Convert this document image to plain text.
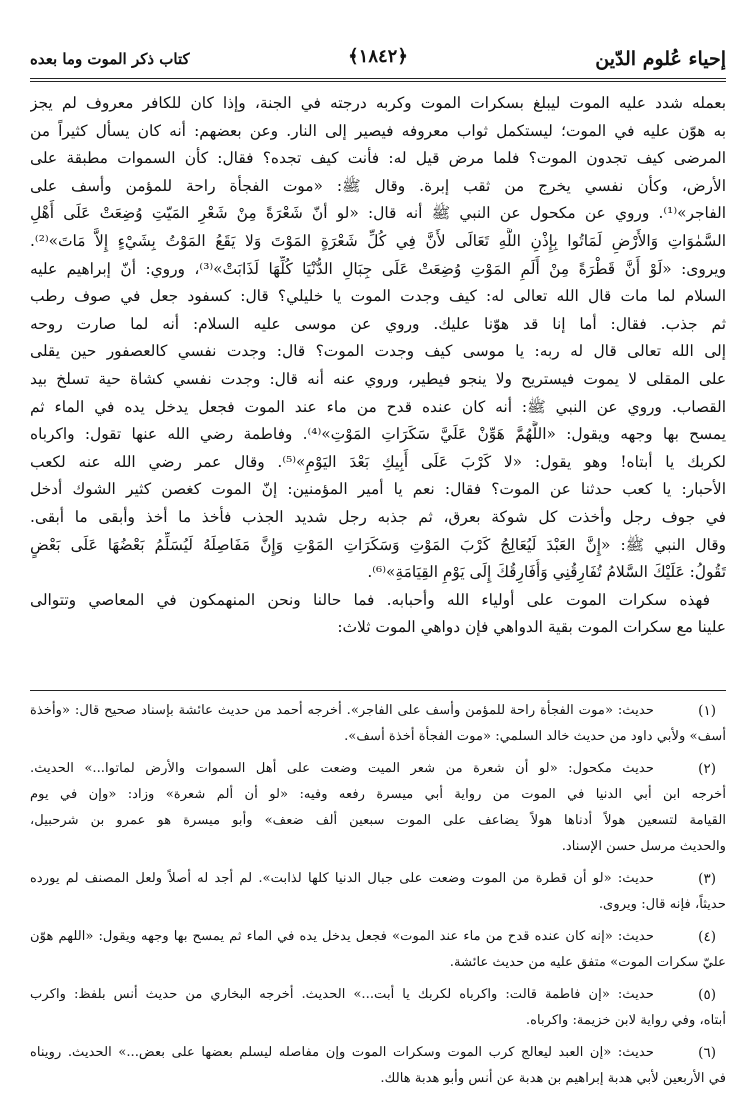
إحياء عُلوم الدّين
﴿١٨٤٢﴾
كتاب ذكر الموت وما بعده
بعمله شدد عليه الموت ليبلغ بسكرات الموت وكربه درجته في الجنة، وإذا كان للكافر معروف لم يجز
به هوّن عليه في الموت؛ ليستكمل ثواب معروفه فيصير إلى النار. وعن بعضهم: أنه كان يسأل كثيراً من
المرضى كيف تجدون الموت؟ فلما مرض قيل له: فأنت كيف تجده؟ فقال: كأن السموات مطبقة على
الأرض، وكأن نفسي يخرج من ثقب إبرة. وقال ﷺ: «موت الفجأة راحة للمؤمن وأسف على
الفاجر»⁽¹⁾. وروي عن مكحول عن النبي ﷺ أنه قال: «لو أنّ شَعْرَةً مِنْ شَعْرِ المَيّتِ وُضِعَتْ عَلَى أَهْلِ
السَّمٰوَاتِ وَالأَرْضِ لَمَاتُوا بِإِذْنِ اللَّهِ تَعَالَى لأَنَّ فِي كُلِّ شَعْرَةٍ المَوْتَ وَلا يَقَعُ المَوْتُ بِشَيْءٍ إِلاَّ مَاتَ»⁽²⁾.
ويروى: «لَوْ أَنَّ قَطْرَةً مِنْ أَلَمِ المَوْتِ وُضِعَتْ عَلَى جِبَالِ الدُّنْيَا كُلِّهَا لَذَابَتْ»⁽³⁾، وروي: أنّ إبراهيم عليه
السلام لما مات قال الله تعالى له: كيف وجدت الموت يا خليلي؟ قال: كسفود جعل في صوف رطب
ثم جذب. فقال: أما إنا قد هوّنا عليك. وروي عن موسى عليه السلام: أنه لما صارت روحه
إلى الله تعالى قال له ربه: يا موسى كيف وجدت الموت؟ قال: وجدت نفسي كالعصفور حين يقلى
على المقلى لا يموت فيستريح ولا ينجو فيطير، وروي عنه أنه قال: وجدت نفسي كشاة حية تسلخ بيد
القصاب. وروي عن النبي ﷺ: أنه كان عنده قدح من ماء عند الموت فجعل يدخل يده في الماء ثم
يمسح بها وجهه ويقول: «اللَّهُمَّ هَوِّنْ عَلَيَّ سَكَرَاتِ المَوْتِ»⁽⁴⁾. وفاطمة رضي الله عنها تقول: واكرباه
لكربك يا أبتاه! وهو يقول: «لا كَرْبَ عَلَى أَبِيكِ بَعْدَ اليَوْمِ»⁽⁵⁾. وقال عمر رضي الله عنه لكعب
الأحبار: يا كعب حدثنا عن الموت؟ فقال: نعم يا أمير المؤمنين: إنّ الموت كغصن كثير الشوك أدخل
في جوف رجل وأخذت كل شوكة بعرق، ثم جذبه رجل شديد الجذب فأخذ ما أخذ وأبقى ما أبقى.
وقال النبي ﷺ: «إِنَّ العَبْدَ لَيُعَالِجُ كَرْبَ المَوْتِ وَسَكَرَاتِ المَوْتِ وَإِنَّ مَفَاصِلَهُ لَيُسَلِّمُ بَعْضُهَا عَلَى بَعْضٍ
تَقُولُ: عَلَيْكَ السَّلامُ تُفَارِقُنِي وَأُفَارِقُكَ إِلَى يَوْمِ القِيَامَةِ»⁽⁶⁾.
فهذه سكرات الموت على أولياء الله وأحبابه. فما حالنا ونحن المنهمكون في المعاصي وتتوالى
علينا مع سكرات الموت بقية الدواهي فإن دواهي الموت ثلاث:
(١)
حديث: «موت الفجأة راحة للمؤمن وأسف على الفاجر». أخرجه أحمد من حديث عائشة بإسناد صحيح قال: «وأخذة
أسف» ولأبي داود من حديث خالد السلمي: «موت الفجأة أخذة أسف».
(٢)
حديث مكحول: «لو أن شعرة من شعر الميت وضعت على أهل السموات والأرض لماتوا...» الحديث.
أخرجه ابن أبي الدنيا في الموت من رواية أبي ميسرة رفعه وفيه: «لو أن ألم شعرة» وزاد: «وإن في يوم
القيامة لتسعين هولاً أدناها هولاً يضاعف على الموت سبعين ألف ضعف» وأبو ميسرة هو عمرو بن شرحبيل،
والحديث مرسل حسن الإسناد.
(٣)
حديث: «لو أن قطرة من الموت وضعت على جبال الدنيا كلها لذابت». لم أجد له أصلاً ولعل المصنف لم يورده
حديثاً، فإنه قال: ويروى.
(٤)
حديث: «إنه كان عنده قدح من ماء عند الموت» فجعل يدخل يده في الماء ثم يمسح بها وجهه ويقول: «اللهم هوّن
عليّ سكرات الموت» متفق عليه من حديث عائشة.
(٥)
حديث: «إن فاطمة قالت: واكرباه لكربك يا أبت...» الحديث. أخرجه البخاري من حديث أنس بلفظ: واكرب
أبتاه، وفي رواية لابن خزيمة: واكرباه.
(٦)
حديث: «إن العبد ليعالج كرب الموت وسكرات الموت وإن مفاصله ليسلم بعضها على بعض...» الحديث. رويناه
في الأربعين لأبي هدبة إبراهيم بن هدبة عن أنس وأبو هدبة هالك.
